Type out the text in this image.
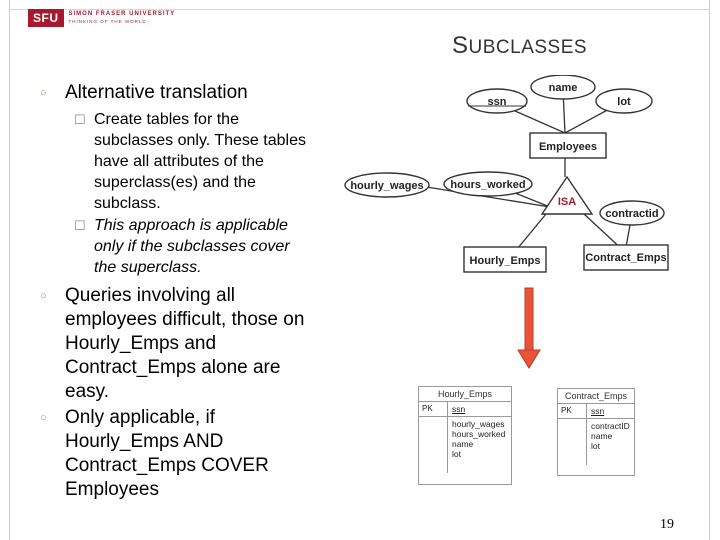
SFU	SIMON FRASER UNIVERSITY
THINKING OF THE WORLD
SUBCLASSES
○ Alternative translation
☐ Create tables for the
subclasses only. These tables
have all attributes of the
superclass(es) and the
subclass.
☐ This approach is applicable
only if the subclasses cover
the superclass.
○ Queries involving all
employees difficult, those on
Hourly_Emps and
Contract_Emps alone are
easy.
○ Only applicable, if
Hourly_Emps AND
Contract_Emps COVER
Employees
name
ssn	lot
Employees
hourly_wages hours_worked
ISA
contractid
Hourly_Emps	Contract_Emps
Hourly_Emps
PK	ssn
hourly_wages
hours_worked
name
lot
Contract_Emps
PK	ssn
contractID
name
lot
19
